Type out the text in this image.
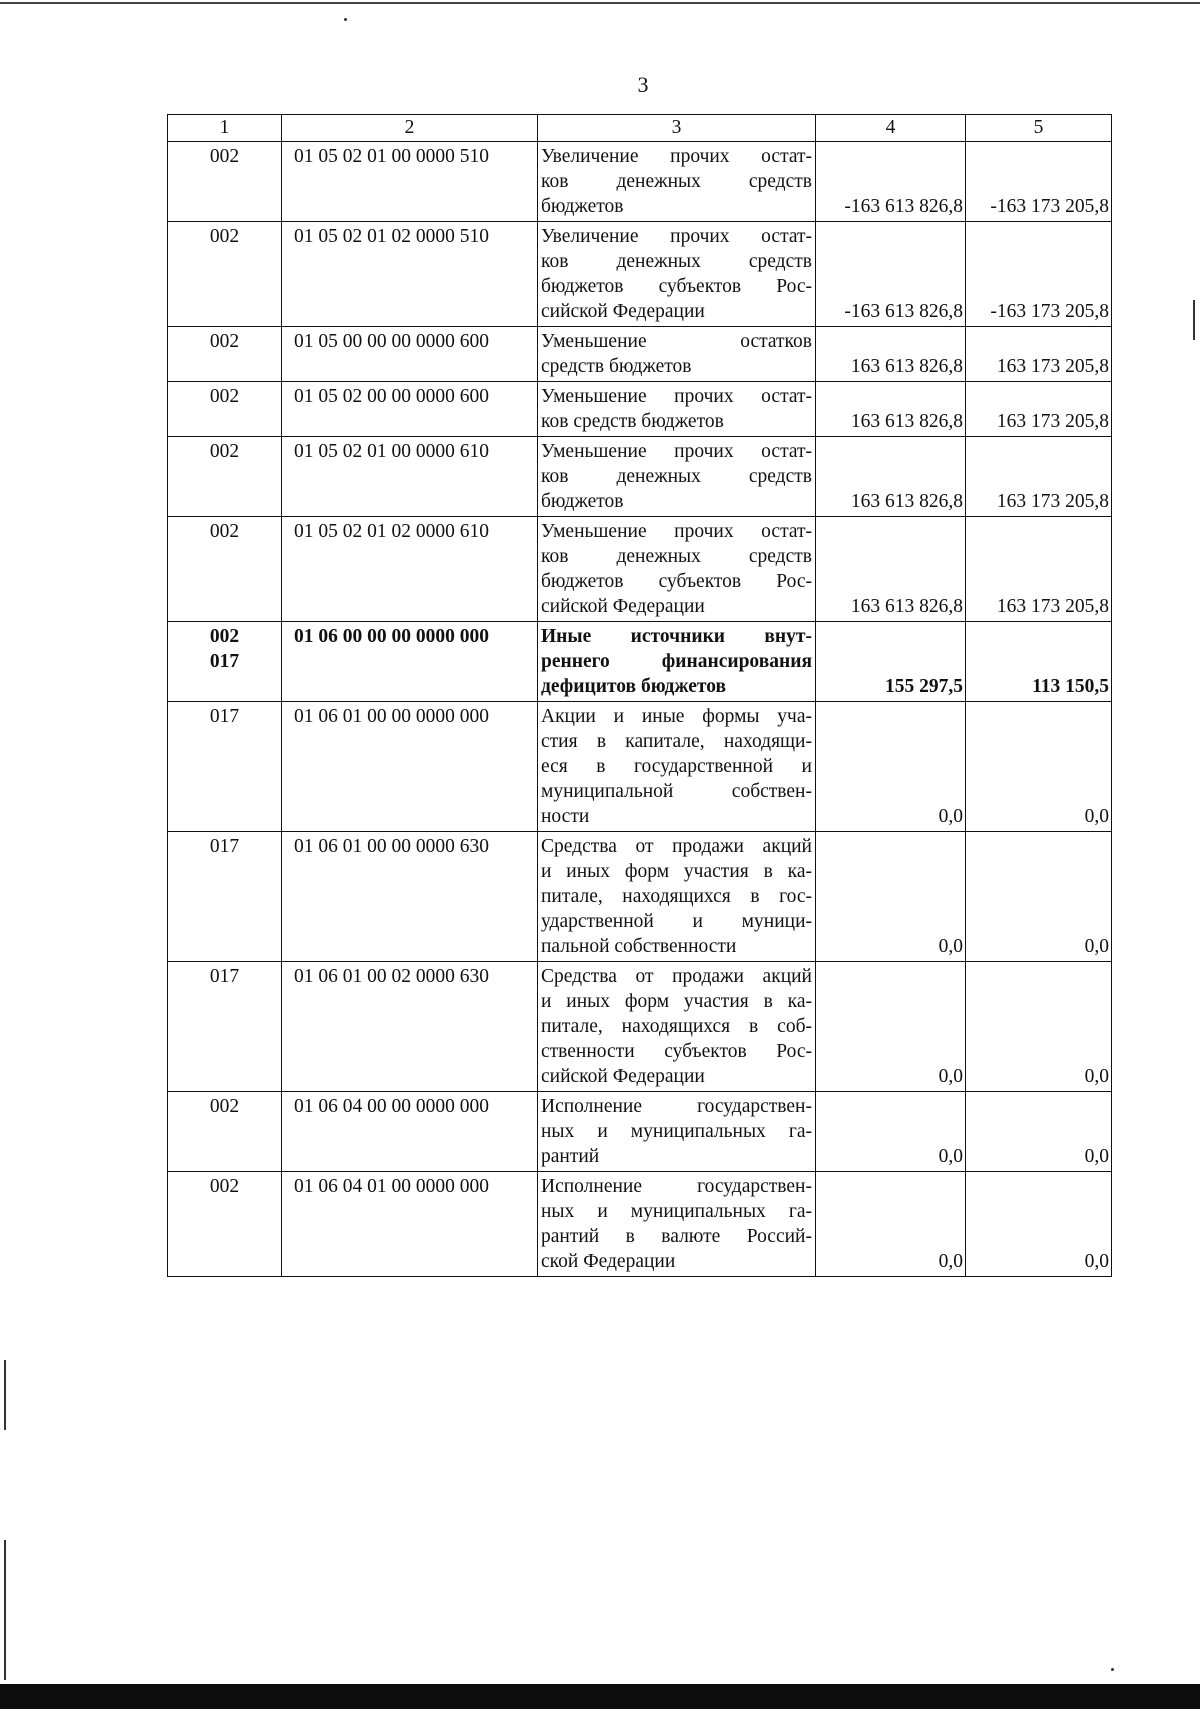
3
1	2	3	4	5

002	01 05 02 01 00 0000 510	Увеличение прочих остат-
ков денежных средств
бюджетов	-163 613 826,8	-163 173 205,8

002	01 05 02 01 02 0000 510	Увеличение прочих остат-
ков денежных средств
бюджетов субъектов Рос-
сийской Федерации	-163 613 826,8	-163 173 205,8

002	01 05 00 00 00 0000 600	Уменьшение остатков
средств бюджетов	163 613 826,8	163 173 205,8

002	01 05 02 00 00 0000 600	Уменьшение прочих остат-
ков средств бюджетов	163 613 826,8	163 173 205,8

002	01 05 02 01 00 0000 610	Уменьшение прочих остат-
ков денежных средств
бюджетов	163 613 826,8	163 173 205,8

002	01 05 02 01 02 0000 610	Уменьшение прочих остат-
ков денежных средств
бюджетов субъектов Рос-
сийской Федерации	163 613 826,8	163 173 205,8

002
017	01 06 00 00 00 0000 000	Иные источники внут-
реннего финансирования
дефицитов бюджетов	155 297,5	113 150,5

017	01 06 01 00 00 0000 000	Акции и иные формы уча-
стия в капитале, находящи-
еся в государственной и
муниципальной собствен-
ности	0,0	0,0

017	01 06 01 00 00 0000 630	Средства от продажи акций
и иных форм участия в ка-
питале, находящихся в гос-
ударственной и муници-
пальной собственности	0,0	0,0

017	01 06 01 00 02 0000 630	Средства от продажи акций
и иных форм участия в ка-
питале, находящихся в соб-
ственности субъектов Рос-
сийской Федерации	0,0	0,0

002	01 06 04 00 00 0000 000	Исполнение государствен-
ных и муниципальных га-
рантий	0,0	0,0

002	01 06 04 01 00 0000 000	Исполнение государствен-
ных и муниципальных га-
рантий в валюте Россий-
ской Федерации	0,0	0,0
